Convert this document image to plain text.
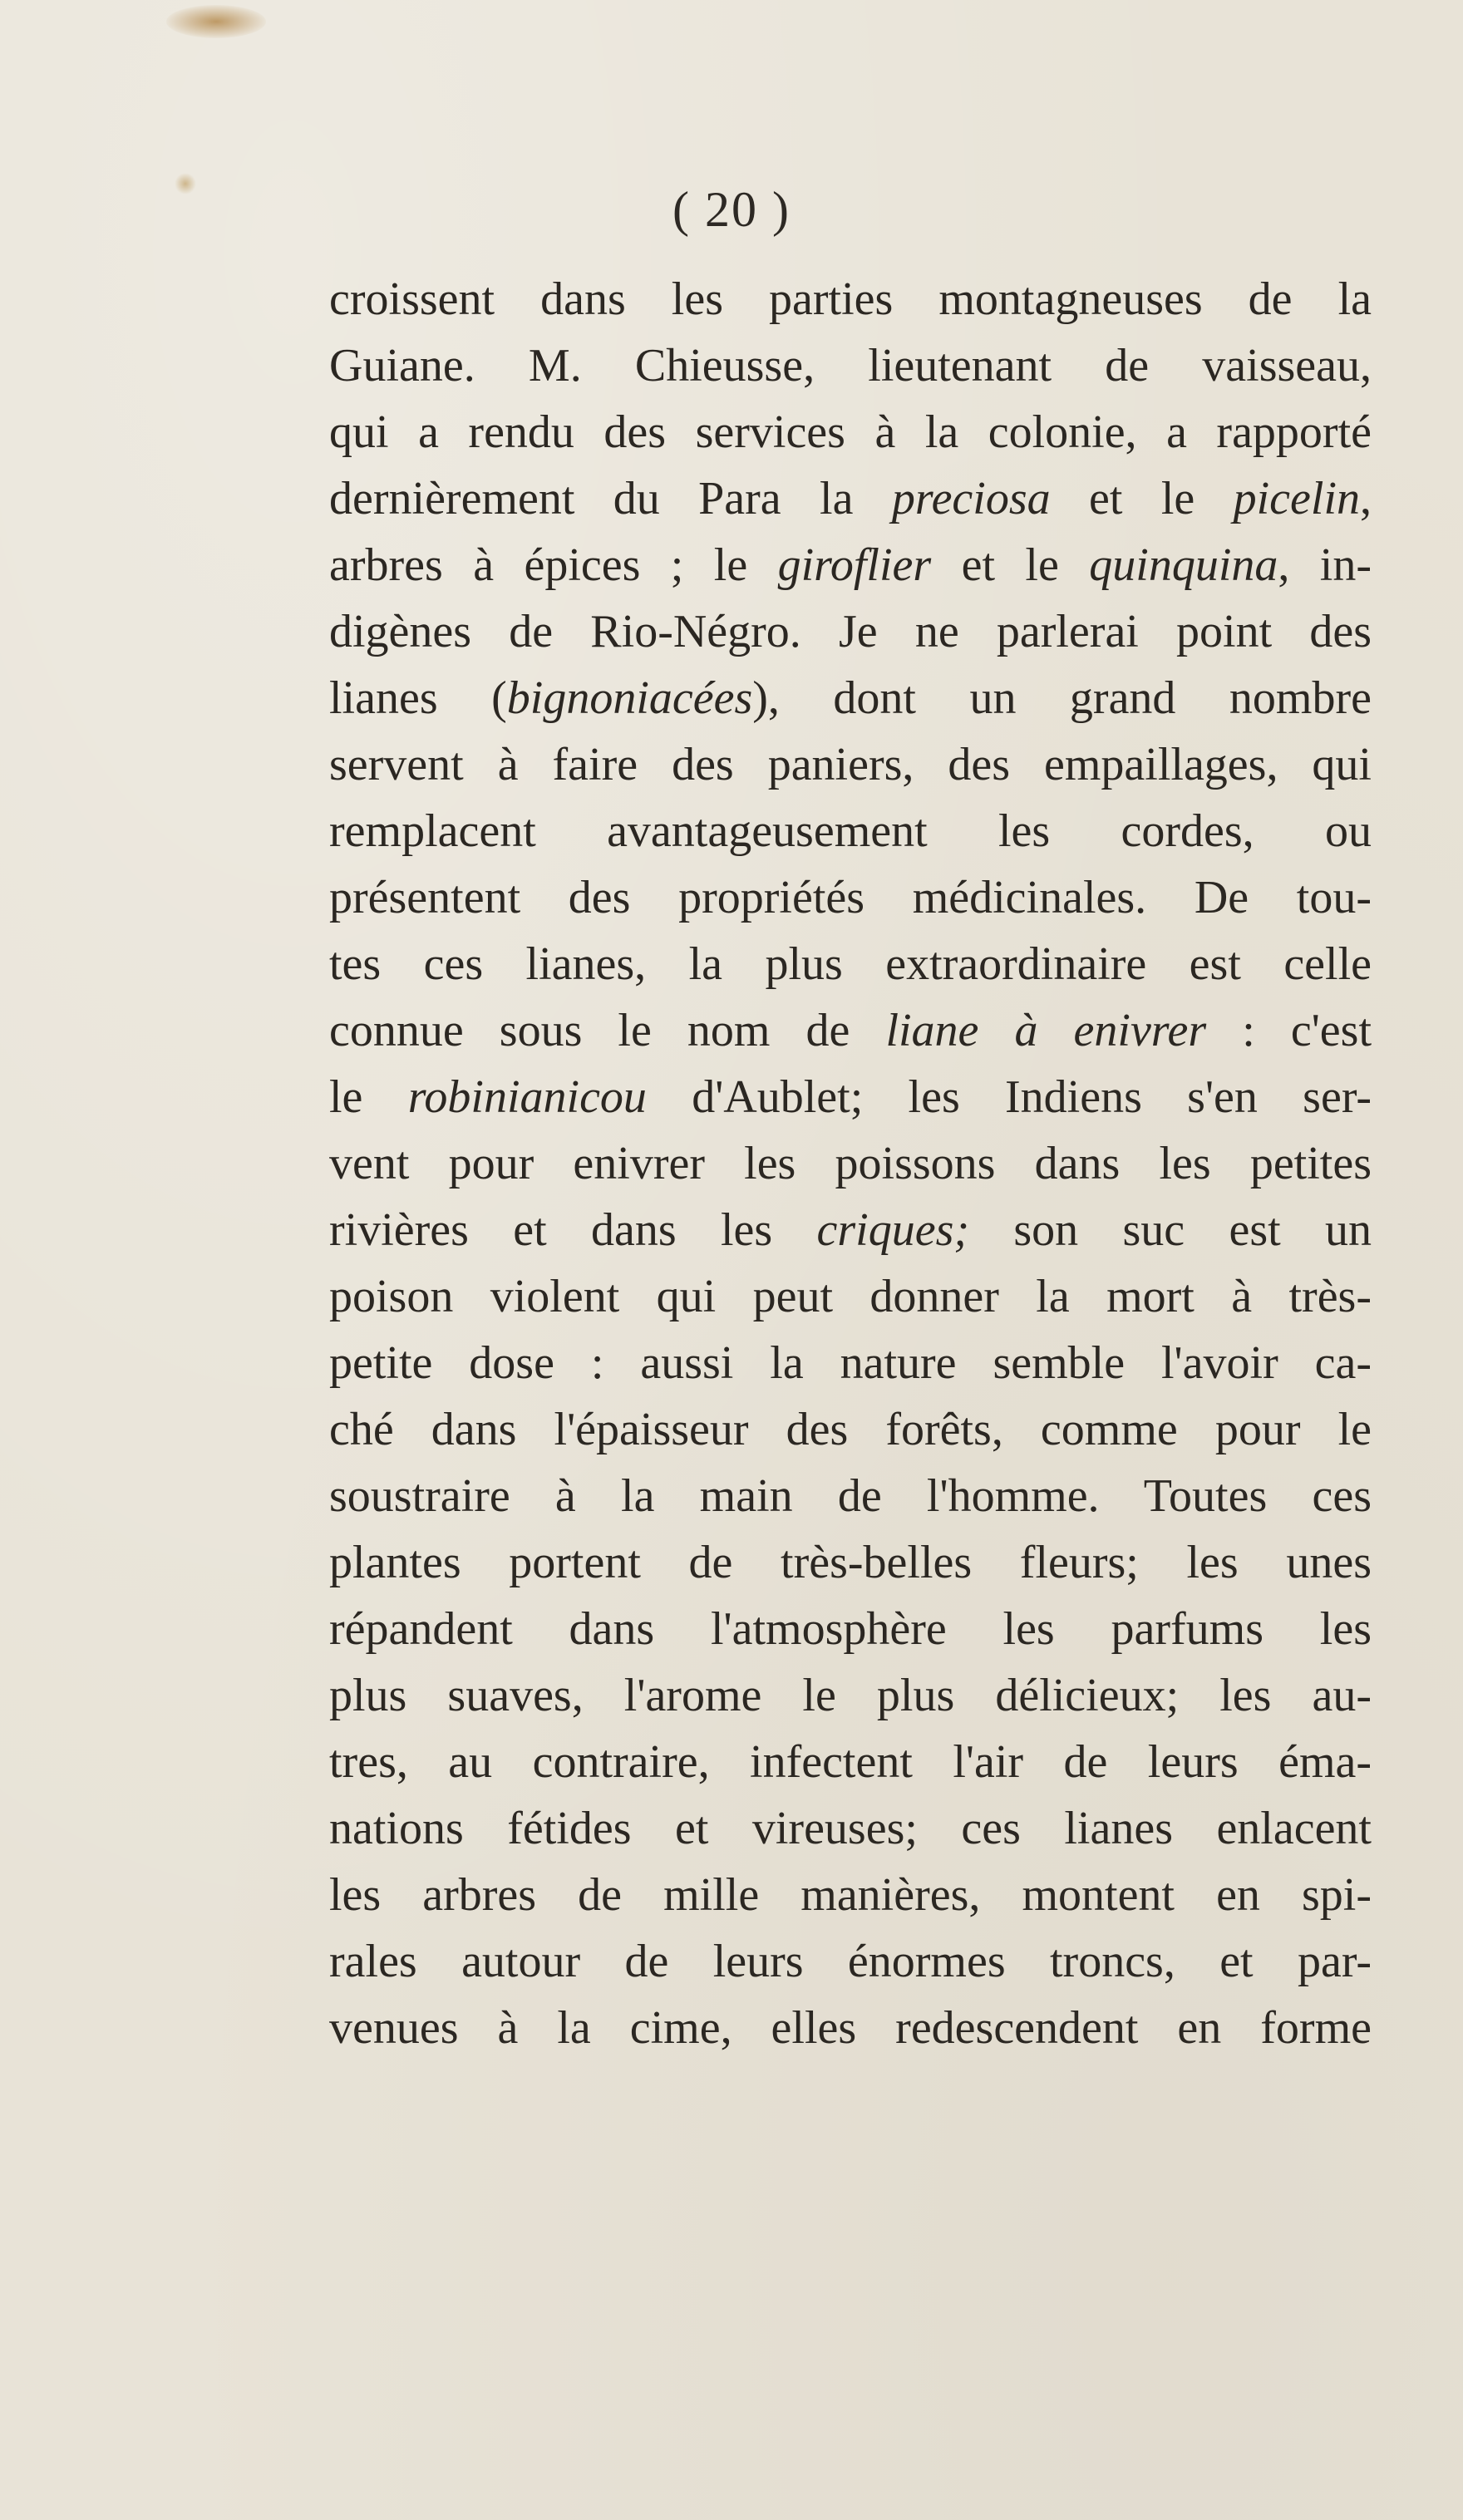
( 20 )
croissent dans les parties montagneuses de la
Guiane. M. Chieusse, lieutenant de vaisseau,
qui a rendu des services à la colonie, a rapporté
dernièrement du Para la preciosa et le picelin,
arbres à épices ; le giroflier et le quinquina, in-
digènes de Rio-Négro. Je ne parlerai point des
lianes (bignoniacées), dont un grand nombre
servent à faire des paniers, des empaillages, qui
remplacent avantageusement les cordes, ou
présentent des propriétés médicinales. De tou-
tes ces lianes, la plus extraordinaire est celle
connue sous le nom de liane à enivrer : c'est
le robinianicou d'Aublet; les Indiens s'en ser-
vent pour enivrer les poissons dans les petites
rivières et dans les criques; son suc est un
poison violent qui peut donner la mort à très-
petite dose : aussi la nature semble l'avoir ca-
ché dans l'épaisseur des forêts, comme pour le
soustraire à la main de l'homme. Toutes ces
plantes portent de très-belles fleurs; les unes
répandent dans l'atmosphère les parfums les
plus suaves, l'arome le plus délicieux; les au-
tres, au contraire, infectent l'air de leurs éma-
nations fétides et vireuses; ces lianes enlacent
les arbres de mille manières, montent en spi-
rales autour de leurs énormes troncs, et par-
venues à la cime, elles redescendent en forme
